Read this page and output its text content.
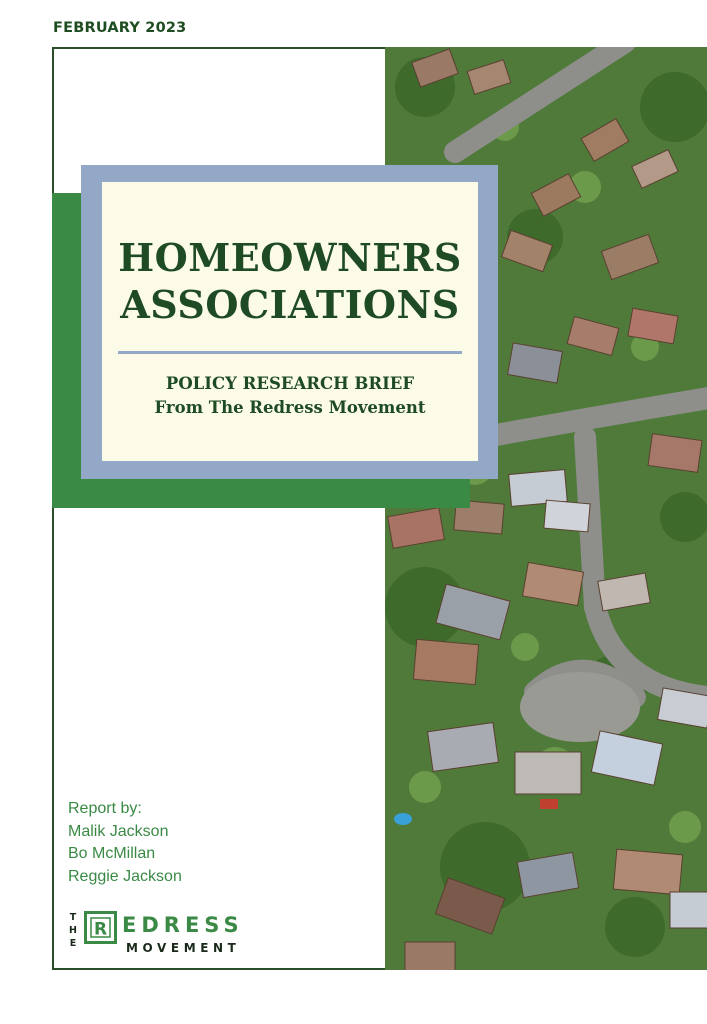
FEBRUARY 2023
HOMEOWNERS
ASSOCIATIONS
POLICY RESEARCH BRIEF
From The Redress Movement
Report by:
Malik Jackson
Bo McMillan
Reggie Jackson
T
H
E
R EDRESS
MOVEMENT
